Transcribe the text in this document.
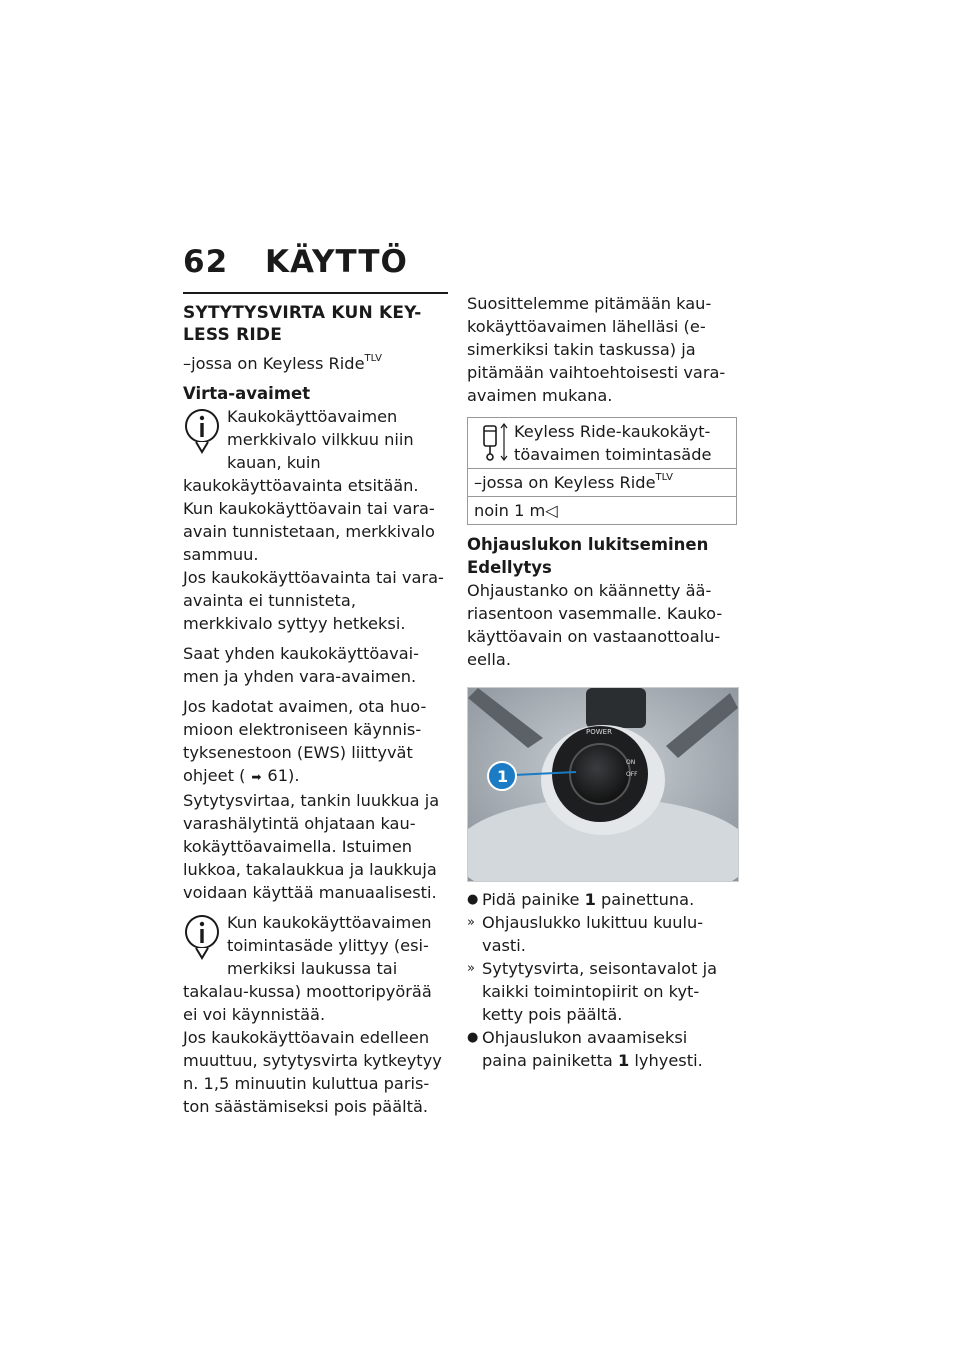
62 KÄYTTÖ
SYTYTYSVIRTA KUN KEY-
LESS RIDE

–jossa on Keyless Ride$^{TLV}$

Virta-avaimet
Kaukokäyttöavaimen
merkkivalo vilkkuu niin

kauan, kuin kaukokäyttöavainta etsitään.

Kun kaukokäyttöavain tai vara-avain tunnistetaan, merkkivalo sammuu.

Jos kaukokäyttöavainta tai vara-avainta ei tunnisteta, merkkivalo syttyy hetkeksi.

Saat yhden kaukokäyttöavai-men ja yhden vara-avaimen.

Jos kadotat avaimen, ota huo-mioon elektroniseen käynnis-tyksenestoon (EWS) liittyvät ohjeet ( ➡ 61).

Sytytysvirtaa, tankin luukkua ja varashälytintä ohjataan kau-kokäyttöavaimella. Istuimen lukkoa, takalaukkua ja laukkuja voidaan käyttää manuaalisesti.

Kun kaukokäyttöavaimen
toimintasäde ylittyy (esi-

merkiksi laukussa tai takalau-kussa) moottoripyörää ei voi käynnistää.

Jos kaukokäyttöavain edelleen muuttuu, sytytysvirta kytkeytyy n. 1,5 minuutin kuluttua paris-ton säästämiseksi pois päältä.

Suosittelemme pitämään kau-kokäyttöavaimen lähelläsi (e-simerkiksi takin taskussa) ja pitämään vaihtoehtoisesti vara-avaimen mukana.

Keyless Ride-kaukokäyt-töavaimen toimintasäde

–jossa on Keyless Ride$^{TLV}$
noin 1 m◁
Ohjauslukon lukitseminen
Edellytys

Ohjaustanko on käännetty ää-riasentoon vasemmalle. Kauko-käyttöavain on vastaanottoalu-eella.

POWER
ON
OFF
1
● Pidä painike 1 painettuna.
» Ohjauslukko lukittuu kuulu-vasti.
» Sytytysvirta, seisontavalot ja kaikki toimintopiirit on kyt-ketty pois päältä.
● Ohjauslukon avaamiseksi paina painiketta 1 lyhyesti.
